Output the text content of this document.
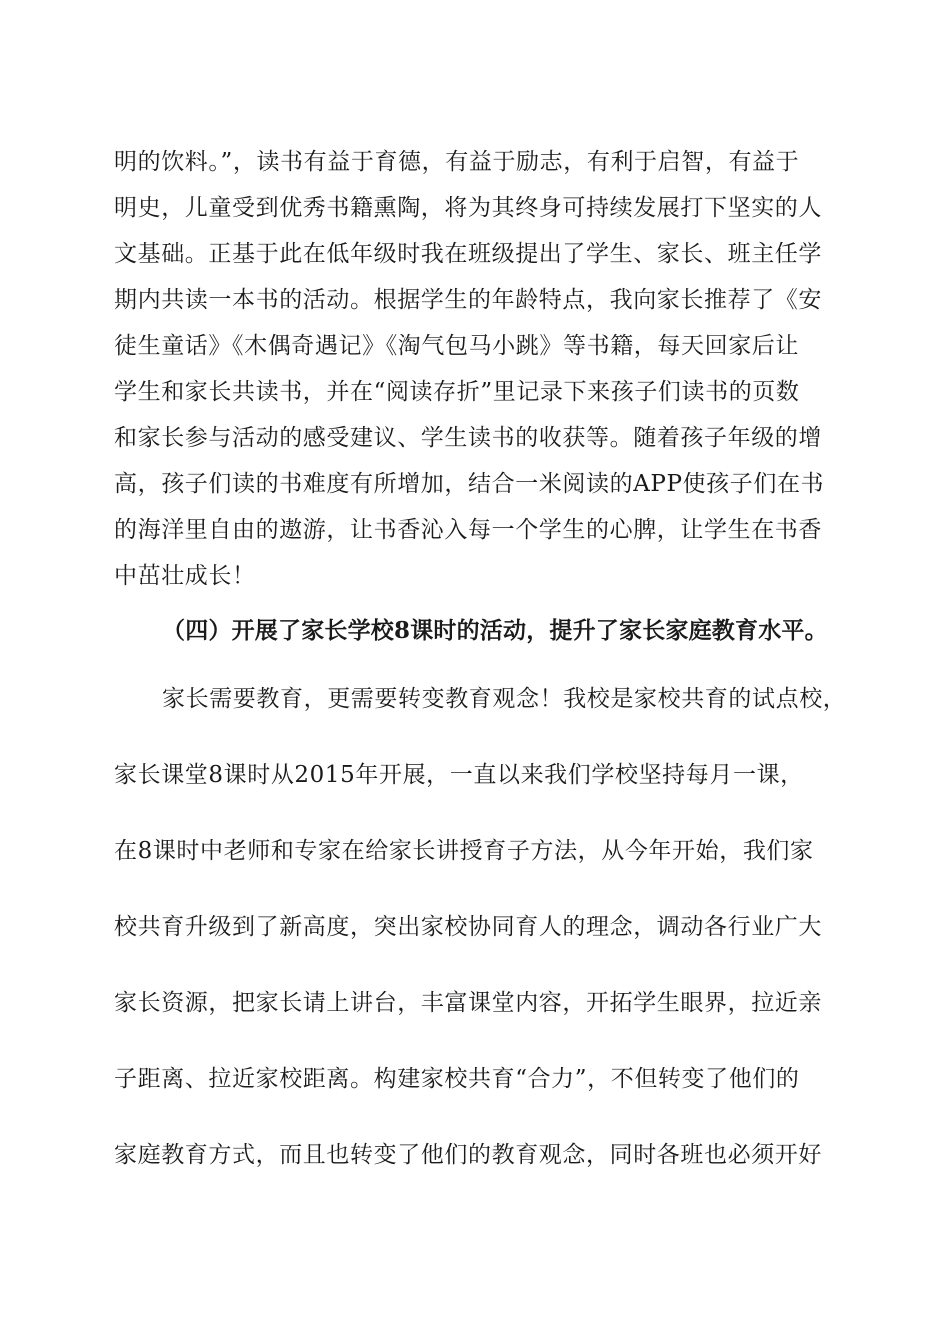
明的饮料。”，读书有益于育德，有益于励志，有利于启智，有益于
明史，儿童受到优秀书籍熏陶，将为其终身可持续发展打下坚实的人
文基础。正基于此在低年级时我在班级提出了学生、家长、班主任学
期内共读一本书的活动。根据学生的年龄特点，我向家长推荐了《安
徒生童话》《木偶奇遇记》《淘气包马小跳》等书籍，每天回家后让
学生和家长共读书，并在“阅读存折”里记录下来孩子们读书的页数
和家长参与活动的感受建议、学生读书的收获等。随着孩子年级的增
高，孩子们读的书难度有所增加，结合一米阅读的APP使孩子们在书
的海洋里自由的遨游，让书香沁入每一个学生的心脾，让学生在书香
中茁壮成长！
（四）开展了家长学校8课时的活动，提升了家长家庭教育水平。
家长需要教育，更需要转变教育观念！我校是家校共育的试点校，
家长课堂8课时从2015年开展，一直以来我们学校坚持每月一课，
在8课时中老师和专家在给家长讲授育子方法，从今年开始，我们家
校共育升级到了新高度，突出家校协同育人的理念，调动各行业广大
家长资源，把家长请上讲台，丰富课堂内容，开拓学生眼界，拉近亲
子距离、拉近家校距离。构建家校共育“合力”，不但转变了他们的
家庭教育方式，而且也转变了他们的教育观念，同时各班也必须开好
